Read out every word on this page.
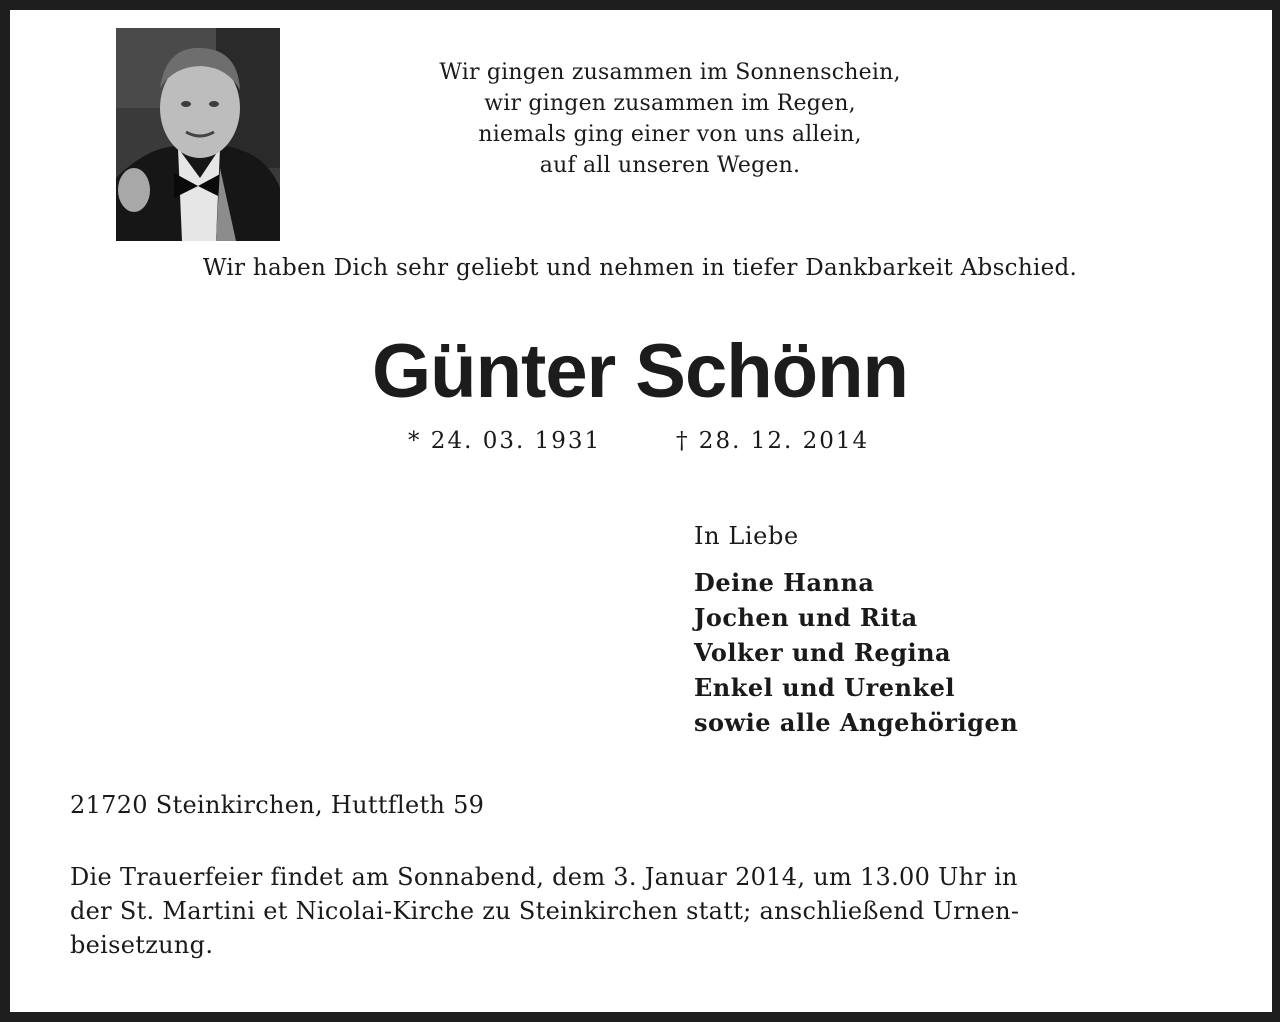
Wir gingen zusammen im Sonnenschein,
wir gingen zusammen im Regen,
niemals ging einer von uns allein,
auf all unseren Wegen.
Wir haben Dich sehr geliebt und nehmen in tiefer Dankbarkeit Abschied.
Günter Schönn
* 24. 03. 1931	† 28. 12. 2014
In Liebe
Deine Hanna
Jochen und Rita
Volker und Regina
Enkel und Urenkel
sowie alle Angehörigen
21720 Steinkirchen, Huttfleth 59
Die Trauerfeier findet am Sonnabend, dem 3. Januar 2014, um 13.00 Uhr in
der St. Martini et Nicolai-Kirche zu Steinkirchen statt; anschließend Urnen-
beisetzung.
